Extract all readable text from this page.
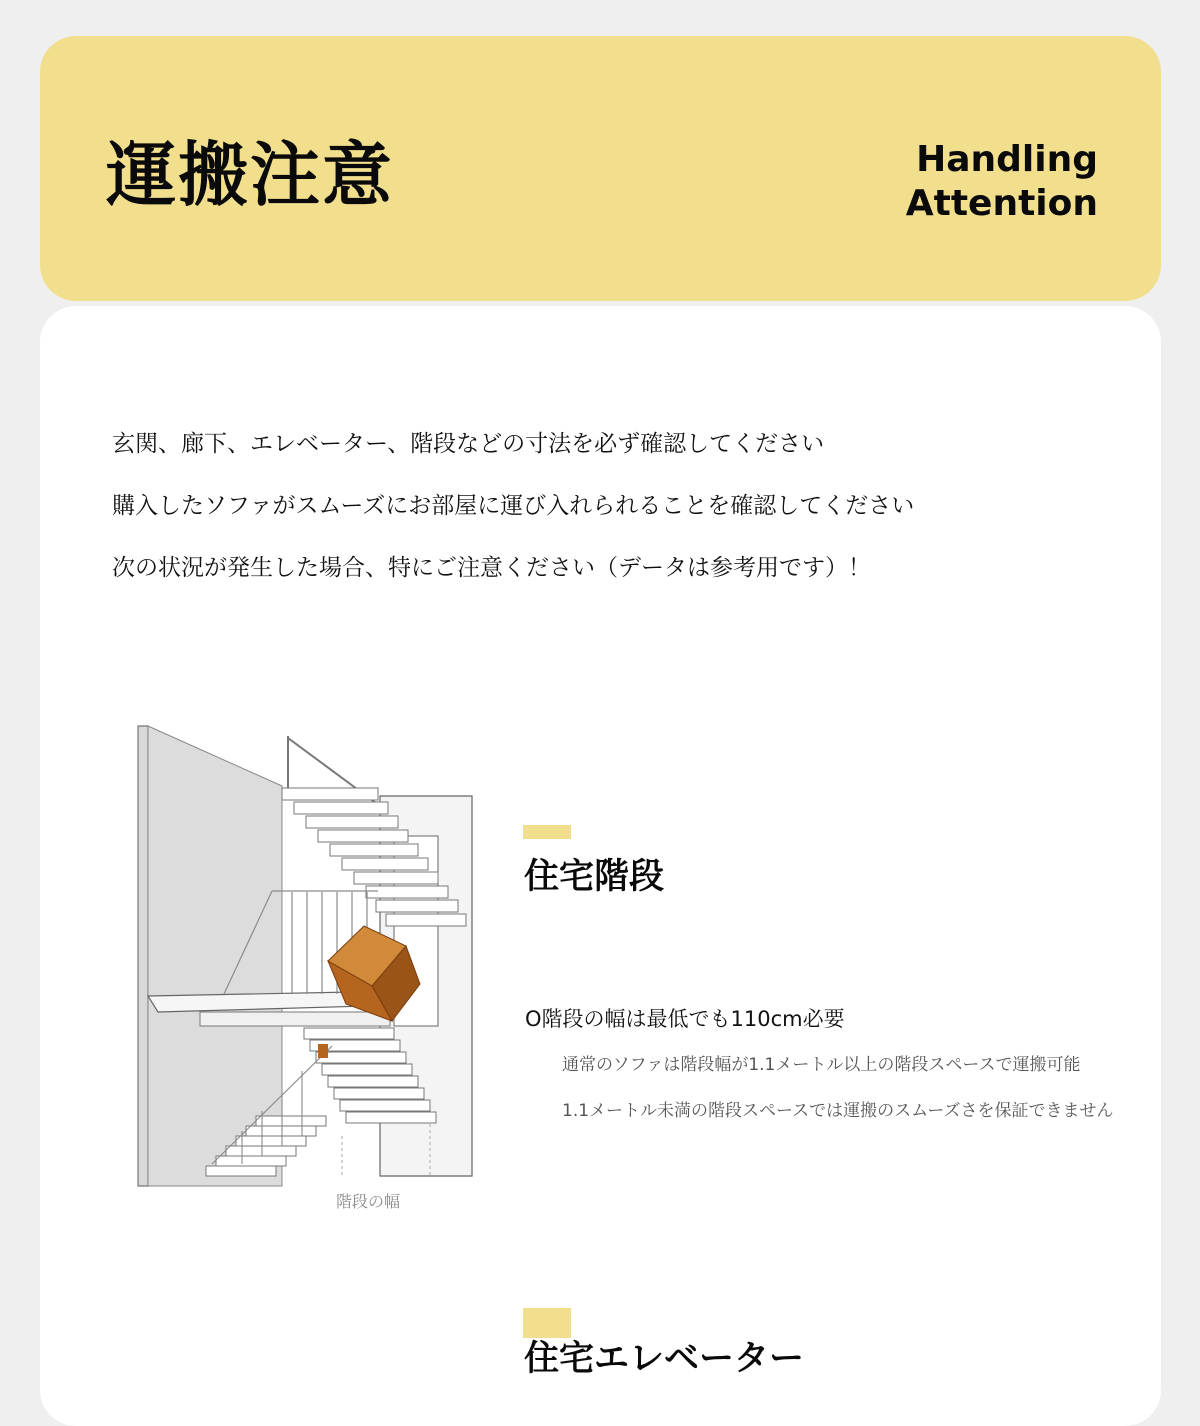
運搬注意	Handling
Attention

玄関、廊下、エレベーター、階段などの寸法を必ず確認してください

購入したソファがスムーズにお部屋に運び入れられることを確認してください

次の状況が発生した場合、特にご注意ください（データは参考用です）！

階段の幅
住宅階段
O階段の幅は最低でも110cm必要
通常のソファは階段幅が1.1メートル以上の階段スペースで運搬可能
1.1メートル未満の階段スペースでは運搬のスムーズさを保証できません
住宅エレベーター
